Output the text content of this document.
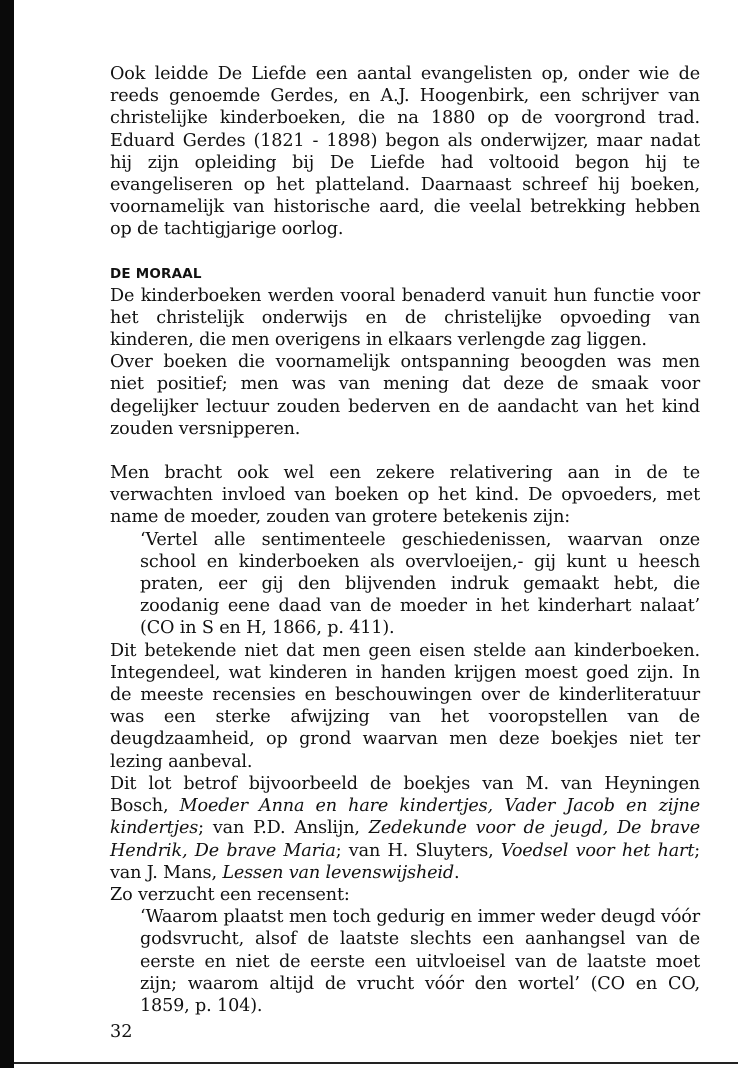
Ook leidde De Liefde een aantal evangelisten op, onder wie de reeds genoemde Gerdes, en A.J. Hoogenbirk, een schrijver van christelijke kinderboeken, die na 1880 op de voorgrond trad. Eduard Gerdes (1821 - 1898) begon als onderwijzer, maar nadat hij zijn opleiding bij De Liefde had voltooid begon hij te evangeliseren op het platteland. Daarnaast schreef hij boeken, voornamelijk van historische aard, die veelal betrekking hebben op de tachtigjarige oorlog.

DE MORAAL

De kinderboeken werden vooral benaderd vanuit hun functie voor het christelijk onderwijs en de christelijke opvoeding van kinderen, die men overigens in elkaars verlengde zag liggen.

Over boeken die voornamelijk ontspanning beoogden was men niet positief; men was van mening dat deze de smaak voor degelijker lectuur zouden bederven en de aandacht van het kind zouden versnipperen.

Men bracht ook wel een zekere relativering aan in de te verwachten invloed van boeken op het kind. De opvoeders, met name de moeder, zouden van grotere betekenis zijn:

‘Vertel alle sentimenteele geschiedenissen, waarvan onze school en kinderboeken als overvloeijen,- gij kunt u heesch praten, eer gij den blijvenden indruk gemaakt hebt, die zoodanig eene daad van de moeder in het kinderhart nalaat’ (CO in S en H, 1866, p. 411).

Dit betekende niet dat men geen eisen stelde aan kinderboeken. Integendeel, wat kinderen in handen krijgen moest goed zijn. In de meeste recensies en beschouwingen over de kinderliteratuur was een sterke afwijzing van het vooropstellen van de deugdzaamheid, op grond waarvan men deze boekjes niet ter lezing aanbeval.

Dit lot betrof bijvoorbeeld de boekjes van M. van Heyningen Bosch, Moeder Anna en hare kindertjes, Vader Jacob en zijne kindertjes; van P.D. Anslijn, Zedekunde voor de jeugd, De brave Hendrik, De brave Maria; van H. Sluyters, Voedsel voor het hart; van J. Mans, Lessen van levenswijsheid.

Zo verzucht een recensent:

‘Waarom plaatst men toch gedurig en immer weder deugd vóór godsvrucht, alsof de laatste slechts een aanhangsel van de eerste en niet de eerste een uitvloeisel van de laatste moet zijn; waarom altijd de vrucht vóór den wortel’ (CO en CO, 1859, p. 104).

32
